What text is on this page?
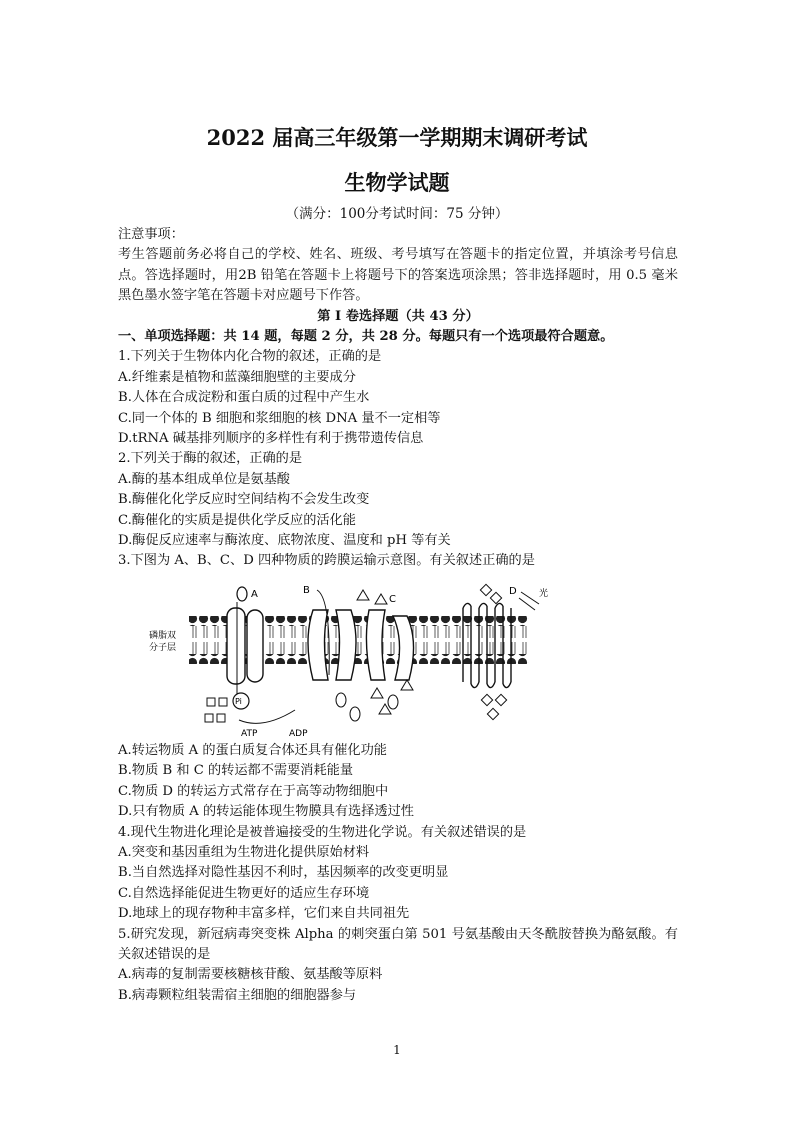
2022 届高三年级第一学期期末调研考试
生物学试题
（满分：100分考试时间：75 分钟）
注意事项：
考生答题前务必将自己的学校、姓名、班级、考号填写在答题卡的指定位置，并填涂考号信息点。答选择题时，用2B 铅笔在答题卡上将题号下的答案选项涂黑；答非选择题时，用 0.5 毫米黑色墨水签字笔在答题卡对应题号下作答。
第 I 卷选择题（共 43 分）
一、单项选择题：共 14 题，每题 2 分，共 28 分。每题只有一个选项最符合题意。
1.下列关于生物体内化合物的叙述，正确的是
A.纤维素是植物和蓝藻细胞壁的主要成分
B.人体在合成淀粉和蛋白质的过程中产生水
C.同一个体的 B 细胞和浆细胞的核 DNA 量不一定相等
D.tRNA 碱基排列顺序的多样性有利于携带遗传信息
2.下列关于酶的叙述，正确的是
A.酶的基本组成单位是氨基酸
B.酶催化化学反应时空间结构不会发生改变
C.酶催化的实质是提供化学反应的活化能
D.酶促反应速率与酶浓度、底物浓度、温度和 pH 等有关
3.下图为 A、B、C、D 四种物质的跨膜运输示意图。有关叙述正确的是
磷脂双
分子层
A
Pi
ATP	ADP
B
C
D 光
A.转运物质 A 的蛋白质复合体还具有催化功能
B.物质 B 和 C 的转运都不需要消耗能量
C.物质 D 的转运方式常存在于高等动物细胞中
D.只有物质 A 的转运能体现生物膜具有选择透过性
4.现代生物进化理论是被普遍接受的生物进化学说。有关叙述错误的是
A.突变和基因重组为生物进化提供原始材料
B.当自然选择对隐性基因不利时，基因频率的改变更明显
C.自然选择能促进生物更好的适应生存环境
D.地球上的现存物种丰富多样，它们来自共同祖先
5.研究发现，新冠病毒突变株 Alpha 的刺突蛋白第 501 号氨基酸由天冬酰胺替换为酪氨酸。有关叙述错误的是
A.病毒的复制需要核糖核苷酸、氨基酸等原料
B.病毒颗粒组装需宿主细胞的细胞器参与
1
